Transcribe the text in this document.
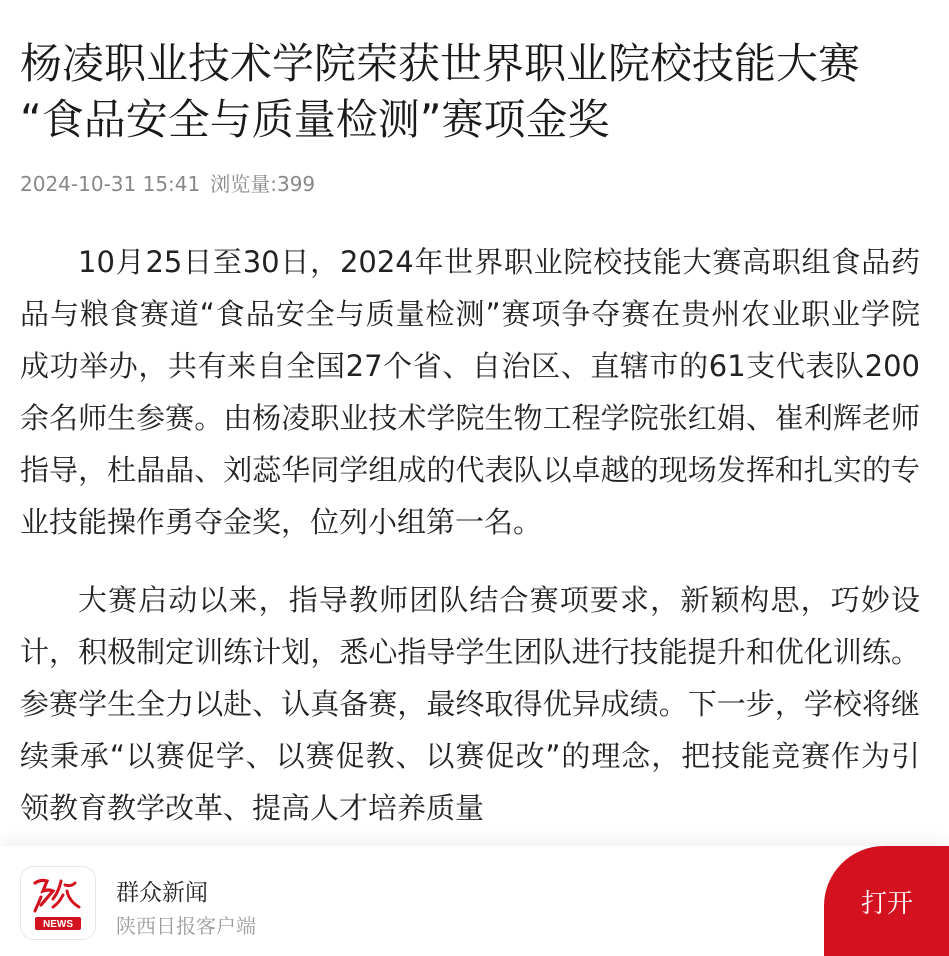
杨凌职业技术学院荣获世界职业院校技能大赛
“食品安全与质量检测”赛项金奖
2024-10-31 15:41 浏览量:399

10月25日至30日，2024年世界职业院校技能大赛高职组食品药品与粮食赛道“食品安全与质量检测”赛项争夺赛在贵州农业职业学院成功举办，共有来自全国27个省、自治区、直辖市的61支代表队200余名师生参赛。由杨凌职业技术学院生物工程学院张红娟、崔利辉老师指导，杜晶晶、刘蕊华同学组成的代表队以卓越的现场发挥和扎实的专业技能操作勇夺金奖，位列小组第一名。

大赛启动以来，指导教师团队结合赛项要求，新颖构思，巧妙设计，积极制定训练计划，悉心指导学生团队进行技能提升和优化训练。参赛学生全力以赴、认真备赛，最终取得优异成绩。下一步，学校将继续秉承“以赛促学、以赛促教、以赛促改”的理念，把技能竞赛作为引领教育教学改革、提高人才培养质量

NEWS
群众新闻
陕西日报客户端
打开
